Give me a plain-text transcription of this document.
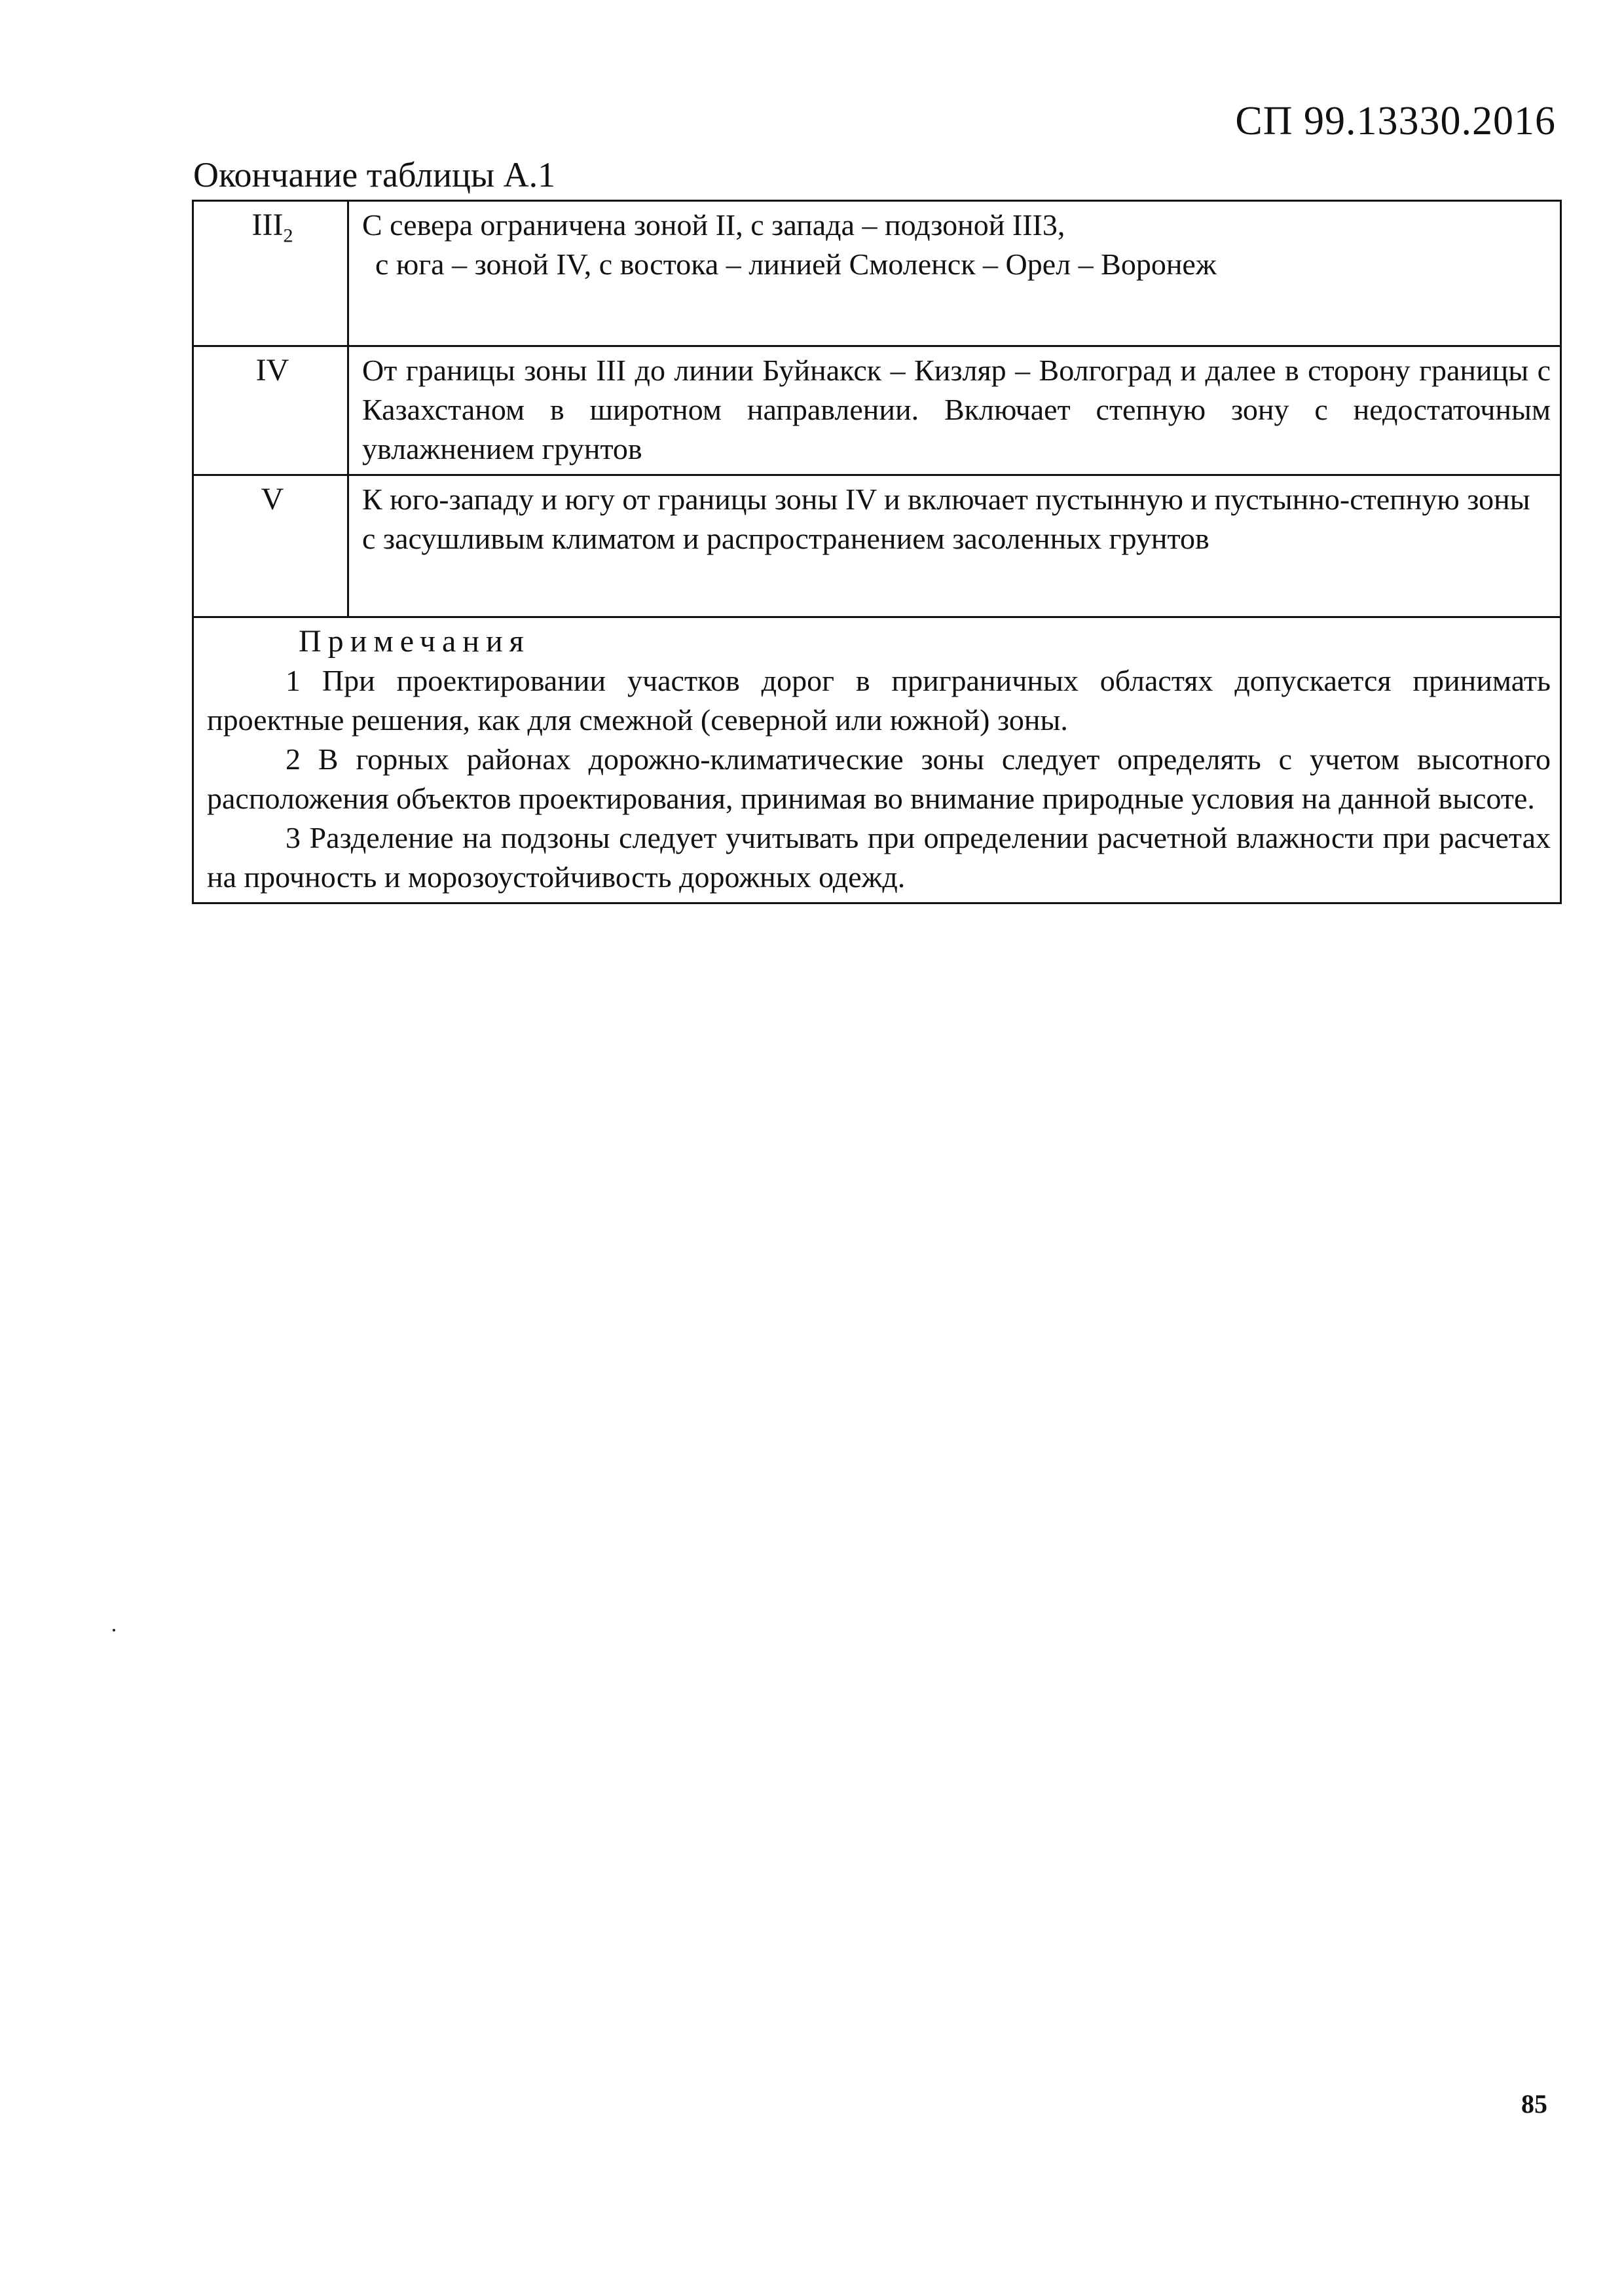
СП 99.13330.2016
Окончание таблицы А.1
$III_2$	С севера ограничена зоной II, с запада – подзоной III3,
с юга – зоной IV, с востока – линией Смоленск – Орел – Воронеж

IV	От границы зоны III до линии Буйнакск – Кизляр – Волгоград и далее в сторону границы с Казахстаном в широтном направлении. Включает степную зону с недостаточным увлажнением грунтов
V	К юго-западу и югу от границы зоны IV и включает пустынную и пустынно-степную зоны с засушливым климатом и распространением засоленных грунтов

Примечания

1 При проектировании участков дорог в приграничных областях допускается принимать проектные решения, как для смежной (северной или южной) зоны.

2 В горных районах дорожно-климатические зоны следует определять с учетом высотного расположения объектов проектирования, принимая во внимание природные условия на данной высоте.

3 Разделение на подзоны следует учитывать при определении расчетной влажности при расчетах на прочность и морозоустойчивость дорожных одежд.	

85
